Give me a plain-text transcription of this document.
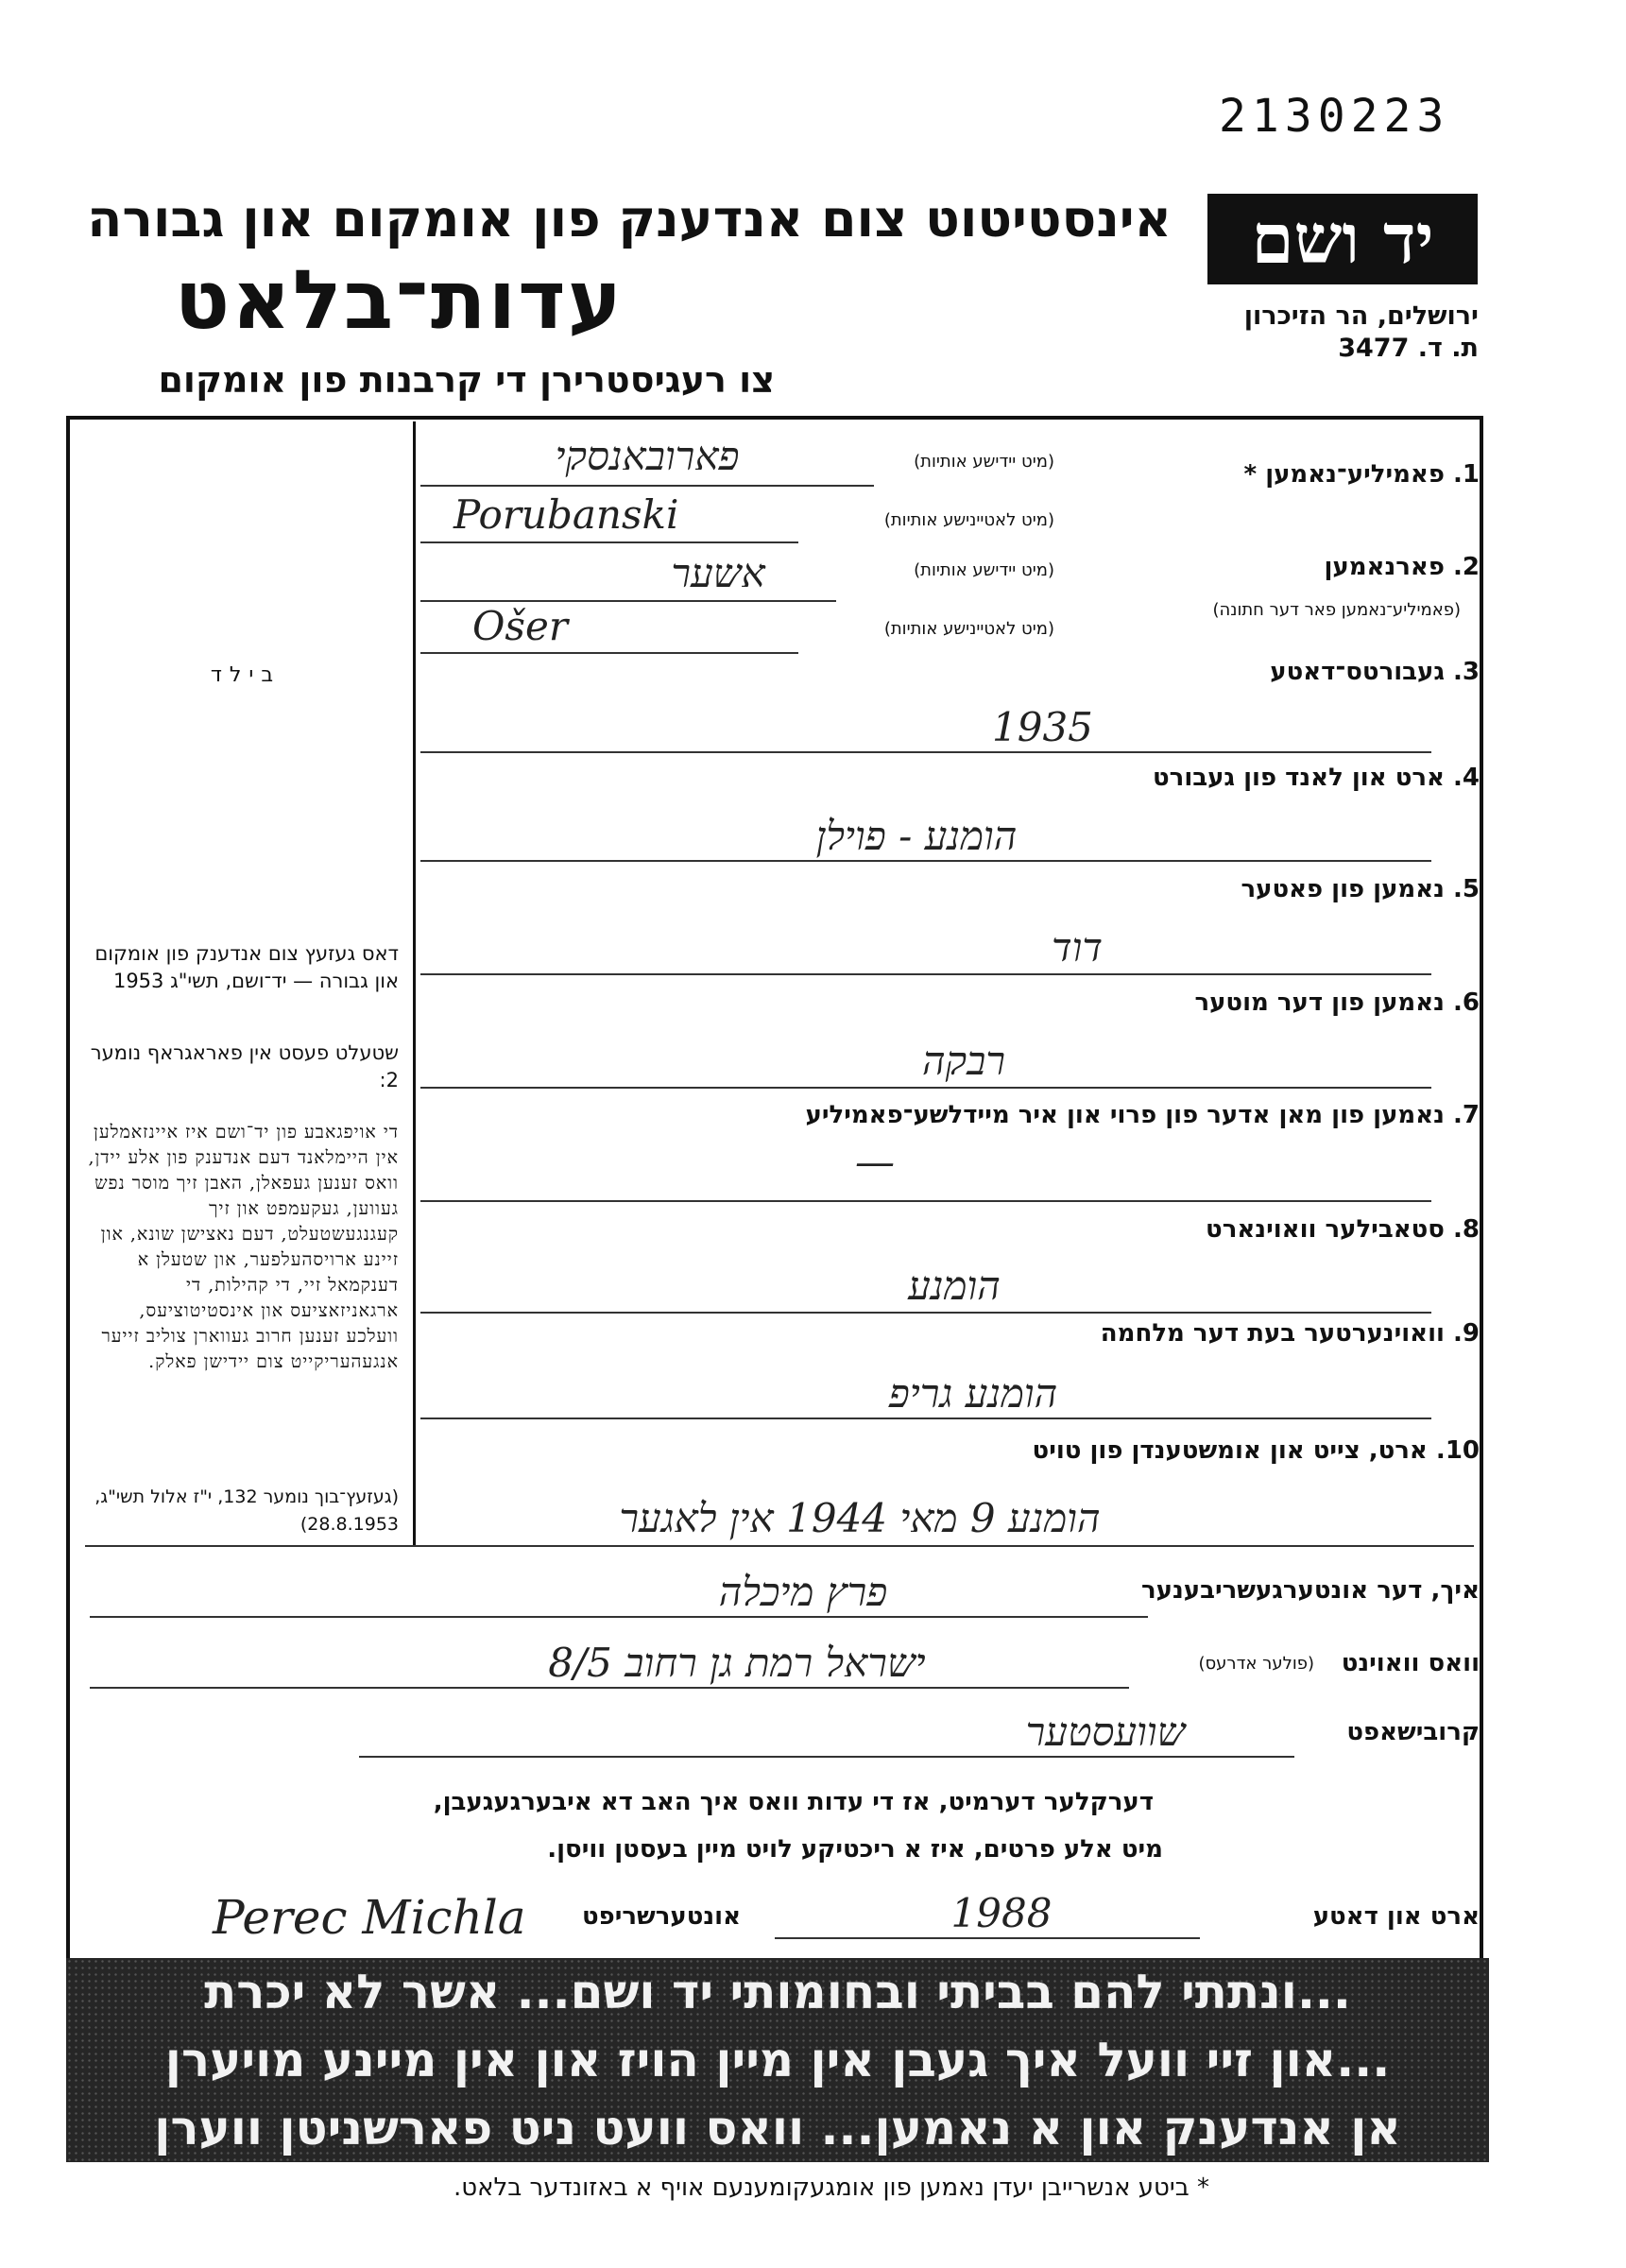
2130223
יד ושם
ירושלים, הר הזיכרון
ת. ד. 3477
אינסטיטוט צום אנדענק פון אומקום און גבורה
עדות־בלאט
צו רעגיסטרירן די קרבנות פון אומקום
בילד
דאס געזעץ צום אנדענק פון אומקום און גבורה — יד־ושם, תשי"ג 1953
שטעלט פעסט אין פאראגראף נומער 2:
די אויפגאבע פון יד־ושם איז איינזאמלען אין היימלאנד דעם אנדענק פון אלע יידן, וואס זענען געפאלן, האבן זיך מוסר נפש געווען, געקעמפט און זיך קעגנגעשטעלט, דעם נאצישן שונא, און זיינע ארויסהעלפער, און שטעלן א דענקמאל זיי, די קהילות, די ארגאניזאציעס און אינסטיטוציעס, וועלכע זענען חרוב געווארן צוליב זייער אנגעהעריקייט צום יידישן פאלק.
(געזעץ־בוך נומער 132, י"ז אלול תשי"ג, 28.8.1953)
1. פאמיליע־נאמען *
(מיט יידישע אותיות)
פארובאנסקי
(מיט לאטיינישע אותיות)
Porubanski
2. פארנאמען
(פאמיליע־נאמען פאר דער חתונה)
(מיט יידישע אותיות)
אשער
(מיט לאטיינישע אותיות)
Ošer
3. געבורטס־דאטע
1935
4. ארט און לאנד פון געבורט
הומנע - פוילן
5. נאמען פון פאטער
דוד
6. נאמען פון דער מוטער
רבקה
7. נאמען פון מאן אדער פון פרוי און איר מיידלשע־פאמיליע
—
8. סטאבילער וואוינארט
הומנע
9. וואוינערטער בעת דער מלחמה
הומנע גריפ
10. ארט, צייט און אומשטענדן פון טויט
הומנע 9 מאי 1944 אין לאגער
איך, דער אונטערגעשריבענער
פרץ מיכלה
וואס וואוינט
(פולער אדרעס)
ישראל רמת גן רחוב 8/5
קרובישאפט
שוועסטער
דערקלער דערמיט, אז די עדות וואס איך האב דא איבערגעגעבן,
מיט אלע פרטים, איז א ריכטיקע לויט מיין בעסטן וויסן.
ארט און דאטע
1988
אונטערשריפט
Perec Michla
...ונתתי להם בביתי ובחומותי יד ושם... אשר לא יכרת
...און זיי וועל איך געבן אין מיין הויז און אין מיינע מויערן
אן אנדענק און א נאמען... וואס וועט ניט פארשניטן ווערן
* ביטע אנשרייבן יעדן נאמען פון אומגעקומענעם אויף א באזונדער בלאט.
